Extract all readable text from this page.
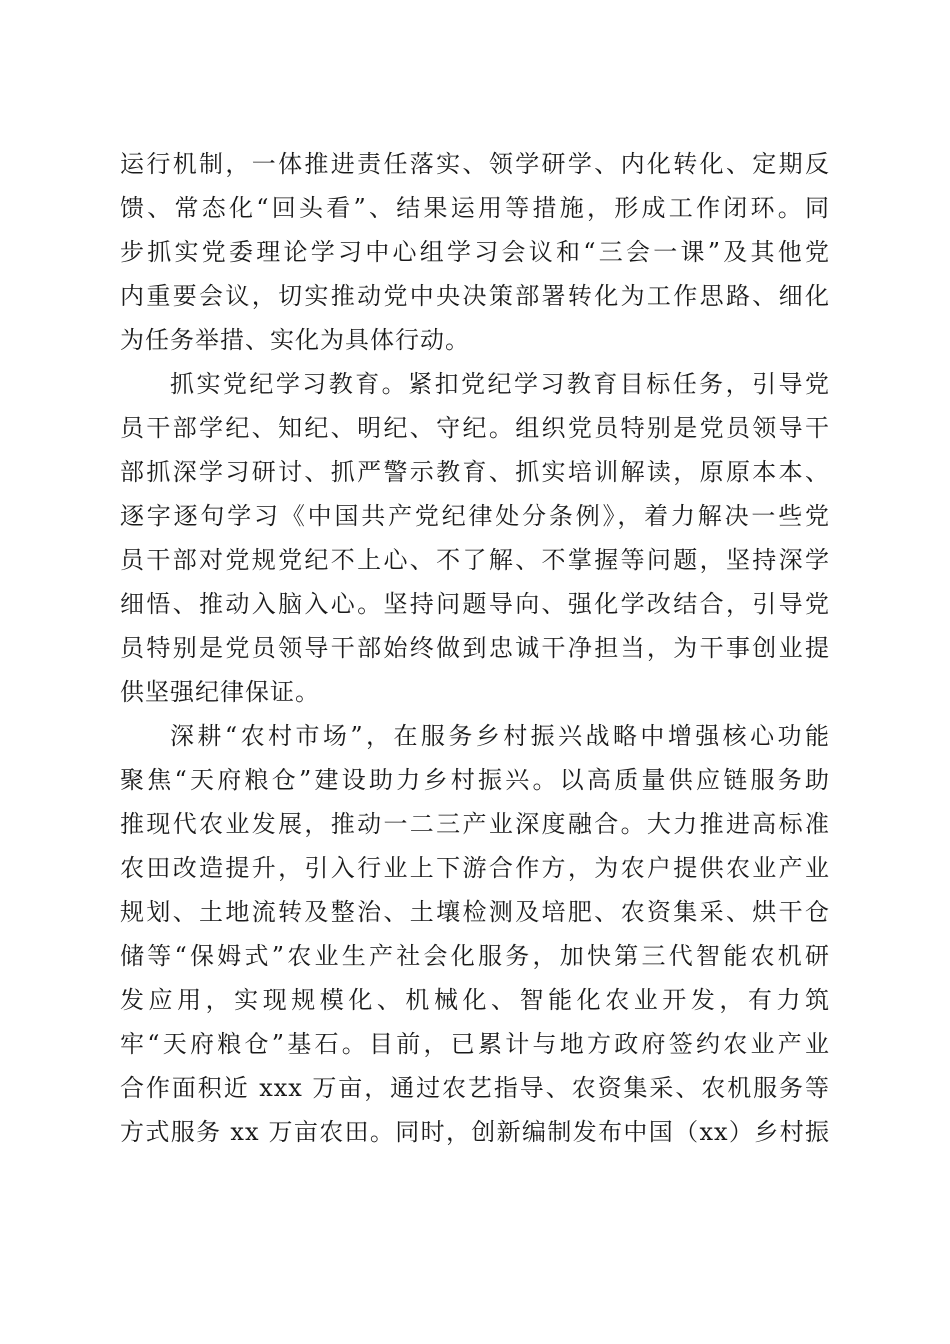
运行机制，一体推进责任落实、领学研学、内化转化、定期反
馈、常态化“回头看”、结果运用等措施，形成工作闭环。同
步抓实党委理论学习中心组学习会议和“三会一课”及其他党
内重要会议，切实推动党中央决策部署转化为工作思路、细化
为任务举措、实化为具体行动。
抓实党纪学习教育。紧扣党纪学习教育目标任务，引导党
员干部学纪、知纪、明纪、守纪。组织党员特别是党员领导干
部抓深学习研讨、抓严警示教育、抓实培训解读，原原本本、
逐字逐句学习《中国共产党纪律处分条例》，着力解决一些党
员干部对党规党纪不上心、不了解、不掌握等问题，坚持深学
细悟、推动入脑入心。坚持问题导向、强化学改结合，引导党
员特别是党员领导干部始终做到忠诚干净担当，为干事创业提
供坚强纪律保证。
深耕“农村市场”，在服务乡村振兴战略中增强核心功能
聚焦“天府粮仓”建设助力乡村振兴。以高质量供应链服务助
推现代农业发展，推动一二三产业深度融合。大力推进高标准
农田改造提升，引入行业上下游合作方，为农户提供农业产业
规划、土地流转及整治、土壤检测及培肥、农资集采、烘干仓
储等“保姆式”农业生产社会化服务，加快第三代智能农机研
发应用，实现规模化、机械化、智能化农业开发，有力筑
牢“天府粮仓”基石。目前，已累计与地方政府签约农业产业
合作面积近 xxx 万亩，通过农艺指导、农资集采、农机服务等
方式服务 xx 万亩农田。同时，创新编制发布中国（xx）乡村振
